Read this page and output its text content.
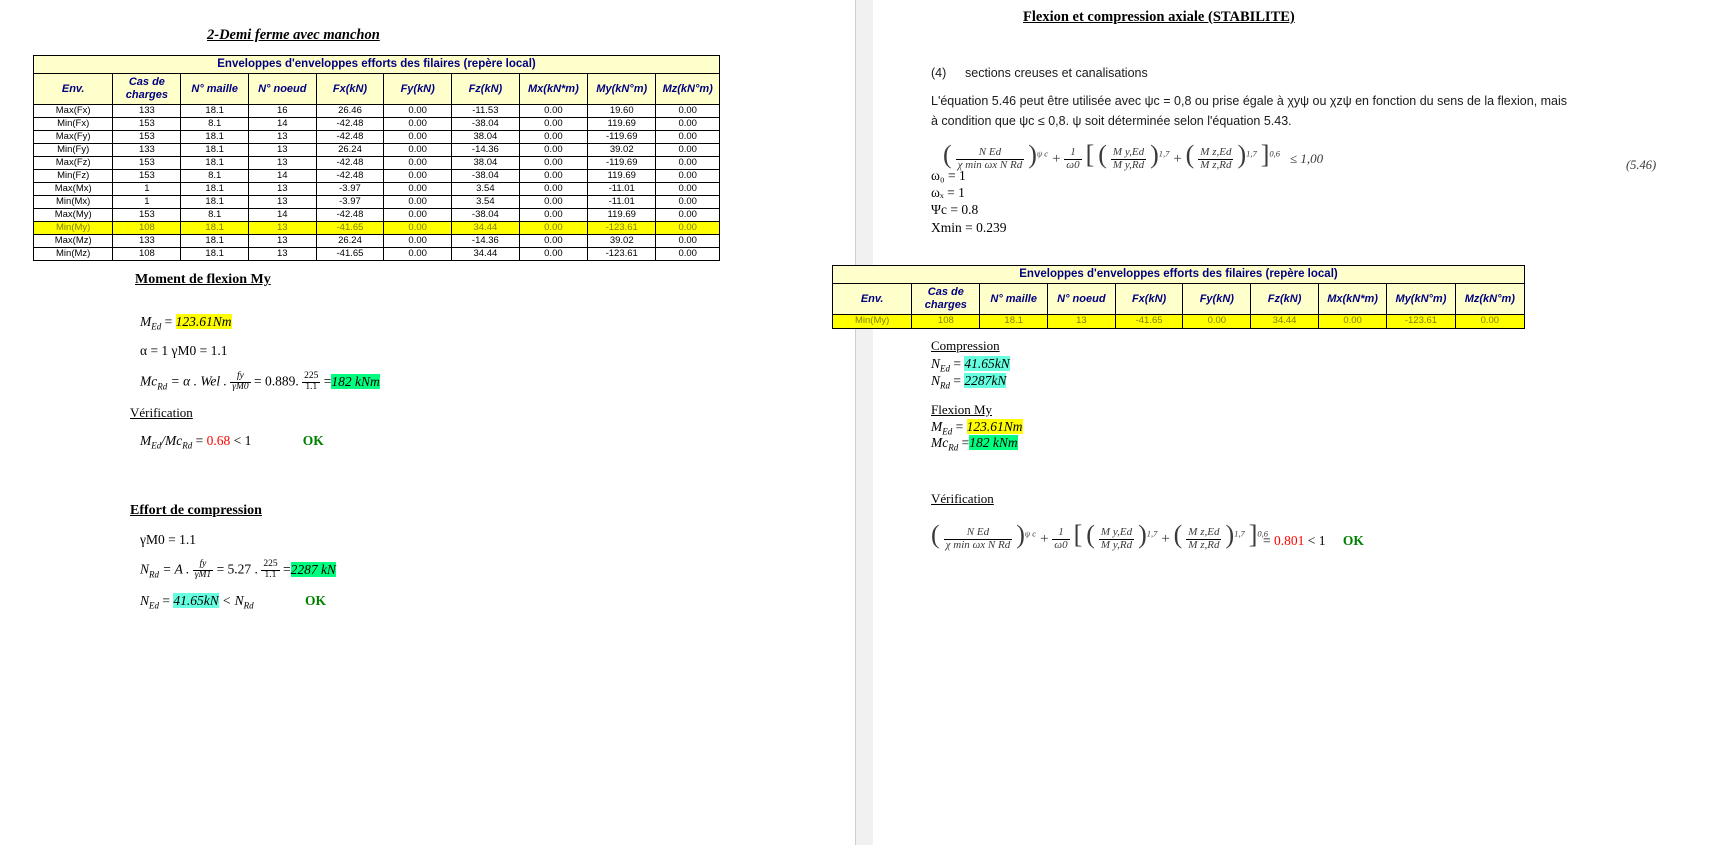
2-Demi ferme avec manchon
Enveloppes d'enveloppes efforts des filaires (repère local)									
Env.	Cas de charges	N° maille	N° noeud	Fx(kN)	Fy(kN)	Fz(kN)	Mx(kN*m)	My(kN°m)	Mz(kN°m)
Max(Fx)	133	18.1	16	26.46	0.00	-11.53	0.00	19.60	0.00
Min(Fx)	153	8.1	14	-42.48	0.00	-38.04	0.00	119.69	0.00
Max(Fy)	153	18.1	13	-42.48	0.00	38.04	0.00	-119.69	0.00
Min(Fy)	133	18.1	13	26.24	0.00	-14.36	0.00	39.02	0.00
Max(Fz)	153	18.1	13	-42.48	0.00	38.04	0.00	-119.69	0.00
Min(Fz)	153	8.1	14	-42.48	0.00	-38.04	0.00	119.69	0.00
Max(Mx)	1	18.1	13	-3.97	0.00	3.54	0.00	-11.01	0.00
Min(Mx)	1	18.1	13	-3.97	0.00	3.54	0.00	-11.01	0.00
Max(My)	153	8.1	14	-42.48	0.00	-38.04	0.00	119.69	0.00
Min(My)	108	18.1	13	-41.65	0.00	34.44	0.00	-123.61	0.00
Max(Mz)	133	18.1	13	26.24	0.00	-14.36	0.00	39.02	0.00
Min(Mz)	108	18.1	13	-41.65	0.00	34.44	0.00	-123.61	0.00
Moment de flexion My
$M_{Ed} = 123.61Nm$
α = 1 γM0 = 1.1
$Mc_{Rd} = \alpha$ . Wel . $\frac{fy}{\gamma M0} = 0.889$. $\frac{225}{1.1} =182$ kNm
Vérification
$M_{Ed}/Mc_{Rd} = 0.68 < 1$	OK
Effort de compression
γM0 = 1.1
$N_{Rd} = A$ . $\frac{fy}{\gamma M1} = 5.27$ . $\frac{225}{1.1} =2287$ kN
$N_{Ed} = 41.65kN < N_{Rd}$	OK
Flexion et compression axiale (STABILITE)
(4) sections creuses et canalisations
L'équation 5.46 peut être utilisée avec ψc = 0,8 ou prise égale à χyψ ou χzψ en fonction du sens de la flexion, mais
à condition que ψc ≤ 0,8. ψ soit déterminée selon l'équation 5.43.
( $\frac{\text{N Ed}}{\text{χ min ωx N Rd}} )^{\psi c} + \frac{1}{\omega 0}$ [ ( $\frac{\text{M y,Ed}}{\text{M y,Rd}} )^{1,7}$ + ( $\frac{\text{M z,Ed}}{\text{M z,Rd}} )^{1,7}$ ]$^{0,6}$ ≤ 1,00	(5.46)
ω₀ = 1
ωₓ = 1
Ψc = 0.8
Xmin = 0.239
Enveloppes d'enveloppes efforts des filaires (repère local)									
Env.	Cas de charges	N° maille	N° noeud	Fx(kN)	Fy(kN)	Fz(kN)	Mx(kN*m)	My(kN°m)	Mz(kN°m)
Min(My)	108	18.1	13	-41.65	0.00	34.44	0.00	-123.61	0.00
Compression
$N_{Ed} = 41.65kN$
$N_{Rd} = 2287kN$
Flexion My
$M_{Ed} = 123.61Nm$
$Mc_{Rd} =182$ kNm
Vérification
( $\frac{\text{N Ed}}{\text{χ min ωx N Rd}} )^{\psi c} + \frac{1}{\omega 0}$ [ ( $\frac{\text{M y,Ed}}{\text{M y,Rd}} )^{1,7}$ + ( $\frac{\text{M z,Ed}}{\text{M z,Rd}} )^{1,7}$ ]$^{0,6}$
= 0.801 < 1 OK
